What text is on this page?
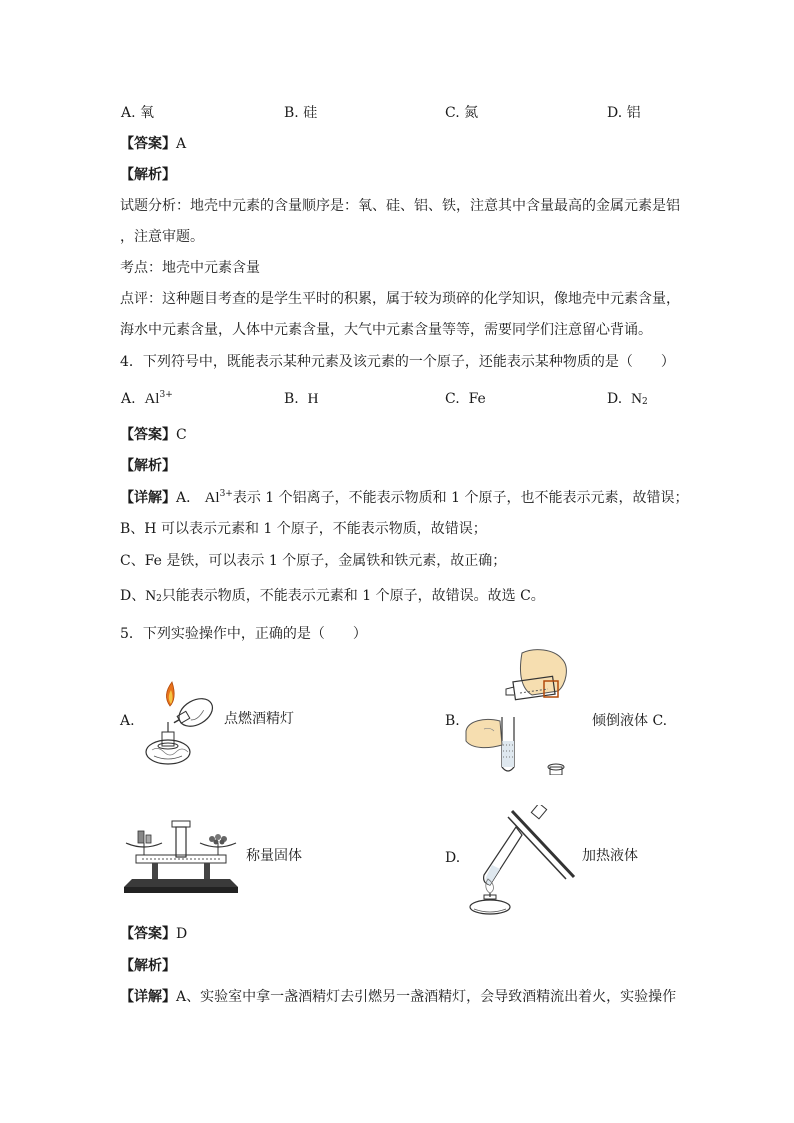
A. 氧	B. 硅	C. 氮	D. 铝
【答案】A
【解析】
试题分析：地壳中元素的含量顺序是：氧、硅、铝、铁，注意其中含量最高的金属元素是铝
，注意审题。
考点：地壳中元素含量
点评：这种题目考查的是学生平时的积累，属于较为琐碎的化学知识，像地壳中元素含量，
海水中元素含量，人体中元素含量，大气中元素含量等等，需要同学们注意留心背诵。
4．下列符号中，既能表示某种元素及该元素的一个原子，还能表示某种物质的是（　　）
A. $Al^{3+}$	B. H	C. Fe	D. $N_2$
【答案】C
【解析】
【详解】A． $Al^{3+}$表示 1 个铝离子，不能表示物质和 1 个原子，也不能表示元素，故错误；
B、H 可以表示元素和 1 个原子，不能表示物质，故错误；
C、Fe 是铁，可以表示 1 个原子，金属铁和铁元素，故正确；
D、$N_2$只能表示物质，不能表示元素和 1 个原子，故错误。故选 C。
5．下列实验操作中，正确的是（　　）
A.	点燃酒精灯	B.	倾倒液体 C.
称量固体	D.	加热液体
【答案】D
【解析】
【详解】A、实验室中拿一盏酒精灯去引燃另一盏酒精灯，会导致酒精流出着火，实验操作
